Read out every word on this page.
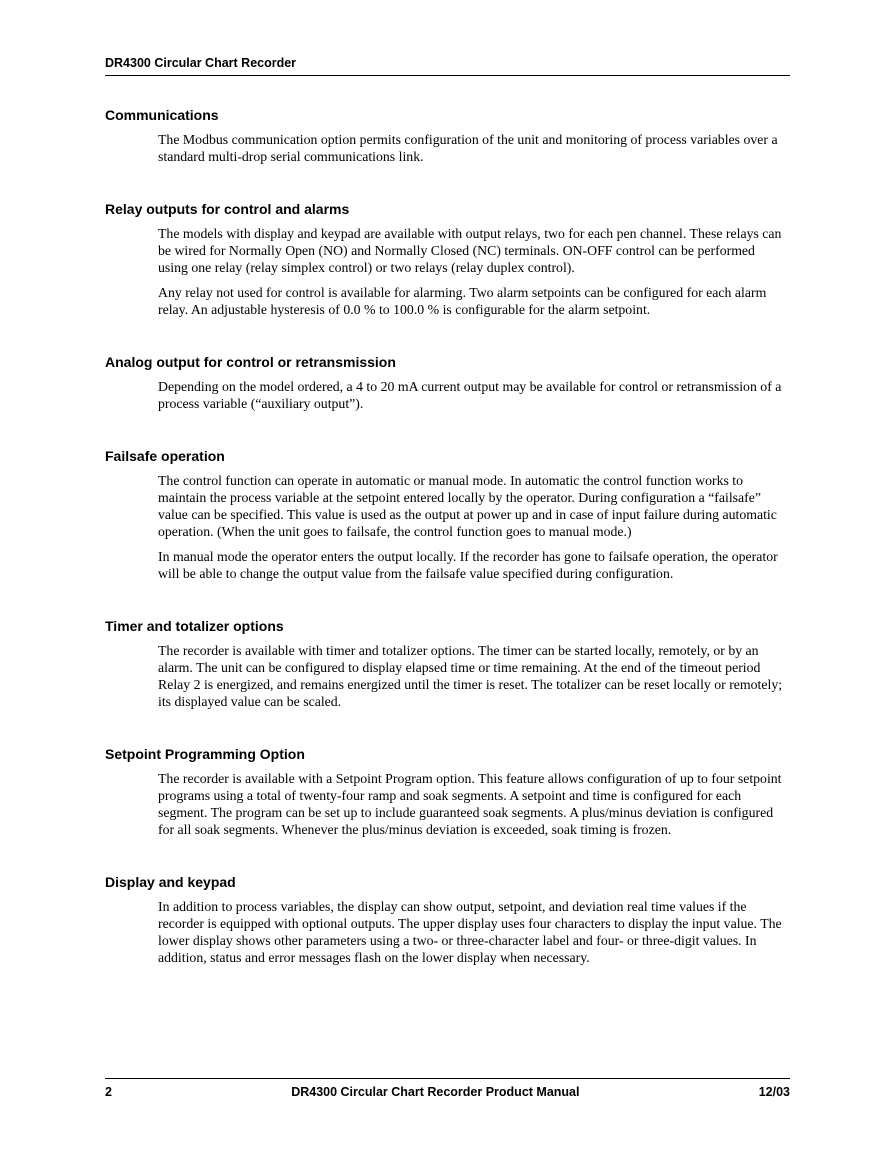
DR4300 Circular Chart Recorder
Communications

The Modbus communication option permits configuration of the unit and monitoring of process variables over a standard multi-drop serial communications link.

Relay outputs for control and alarms

The models with display and keypad are available with output relays, two for each pen channel. These relays can be wired for Normally Open (NO) and Normally Closed (NC) terminals. ON-OFF control can be performed using one relay (relay simplex control) or two relays (relay duplex control).

Any relay not used for control is available for alarming. Two alarm setpoints can be configured for each alarm relay. An adjustable hysteresis of 0.0 % to 100.0 % is configurable for the alarm setpoint.

Analog output for control or retransmission

Depending on the model ordered, a 4 to 20 mA current output may be available for control or retransmission of a process variable (“auxiliary output”).

Failsafe operation

The control function can operate in automatic or manual mode. In automatic the control function works to maintain the process variable at the setpoint entered locally by the operator. During configuration a “failsafe” value can be specified. This value is used as the output at power up and in case of input failure during automatic operation. (When the unit goes to failsafe, the control function goes to manual mode.)

In manual mode the operator enters the output locally. If the recorder has gone to failsafe operation, the operator will be able to change the output value from the failsafe value specified during configuration.

Timer and totalizer options

The recorder is available with timer and totalizer options. The timer can be started locally, remotely, or by an alarm. The unit can be configured to display elapsed time or time remaining. At the end of the timeout period Relay 2 is energized, and remains energized until the timer is reset. The totalizer can be reset locally or remotely; its displayed value can be scaled.

Setpoint Programming Option

The recorder is available with a Setpoint Program option. This feature allows configuration of up to four setpoint programs using a total of twenty-four ramp and soak segments. A setpoint and time is configured for each segment. The program can be set up to include guaranteed soak segments. A plus/minus deviation is configured for all soak segments. Whenever the plus/minus deviation is exceeded, soak timing is frozen.

Display and keypad

In addition to process variables, the display can show output, setpoint, and deviation real time values if the recorder is equipped with optional outputs. The upper display uses four characters to display the input value. The lower display shows other parameters using a two- or three-character label and four- or three-digit values. In addition, status and error messages flash on the lower display when necessary.

2	DR4300 Circular Chart Recorder Product Manual	12/03
